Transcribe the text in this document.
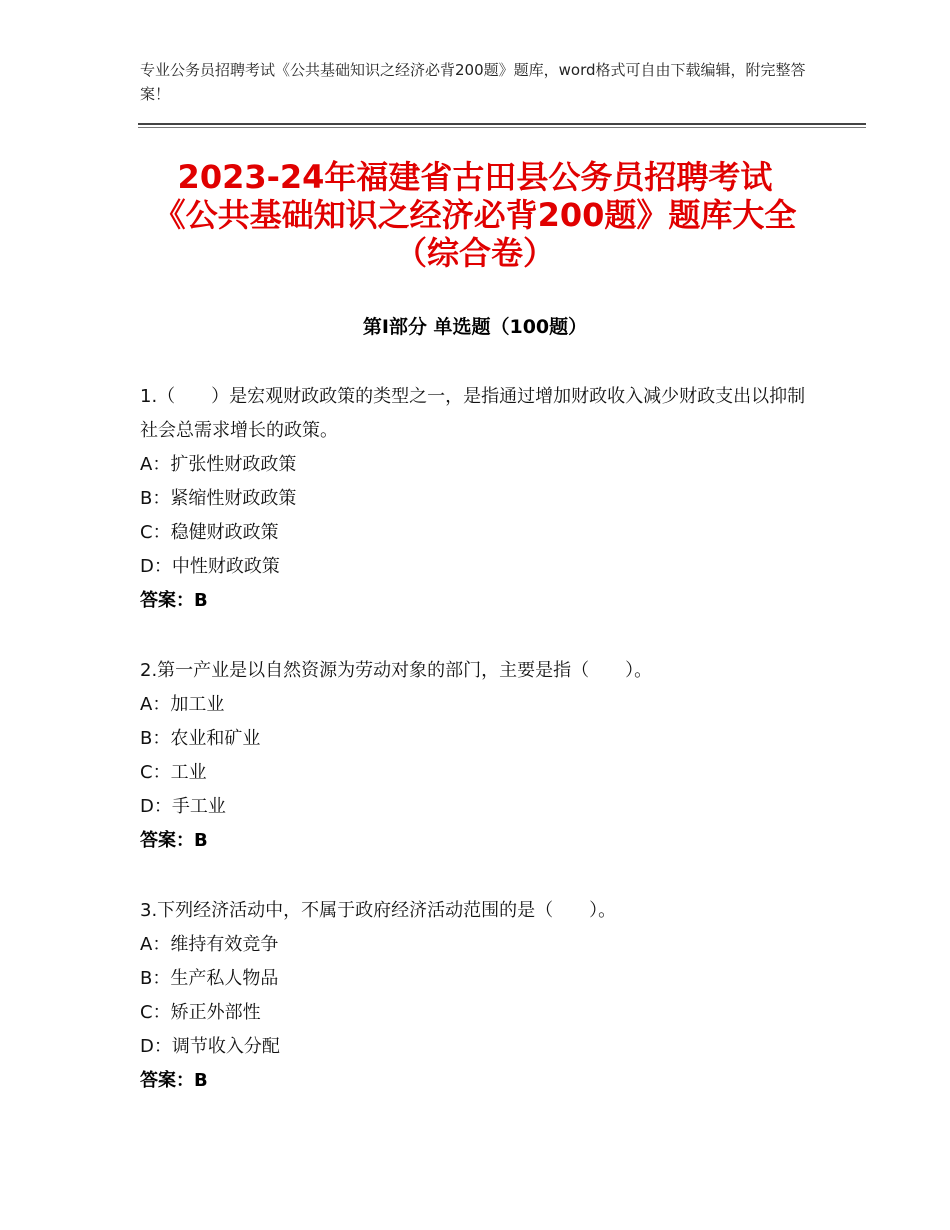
专业公务员招聘考试《公共基础知识之经济必背200题》题库，word格式可自由下载编辑，附完整答案！
2023-24年福建省古田县公务员招聘考试《公共基础知识之经济必背200题》题库大全（综合卷）
第I部分 单选题（100题）

1.（　　）是宏观财政政策的类型之一，是指通过增加财政收入减少财政支出以抑制社会总需求增长的政策。

A：扩张性财政政策

B：紧缩性财政政策

C：稳健财政政策

D：中性财政政策

答案：B

2.第一产业是以自然资源为劳动对象的部门，主要是指（　　）。

A：加工业

B：农业和矿业

C：工业

D：手工业

答案：B

3.下列经济活动中，不属于政府经济活动范围的是（　　）。

A：维持有效竞争

B：生产私人物品

C：矫正外部性

D：调节收入分配

答案：B
